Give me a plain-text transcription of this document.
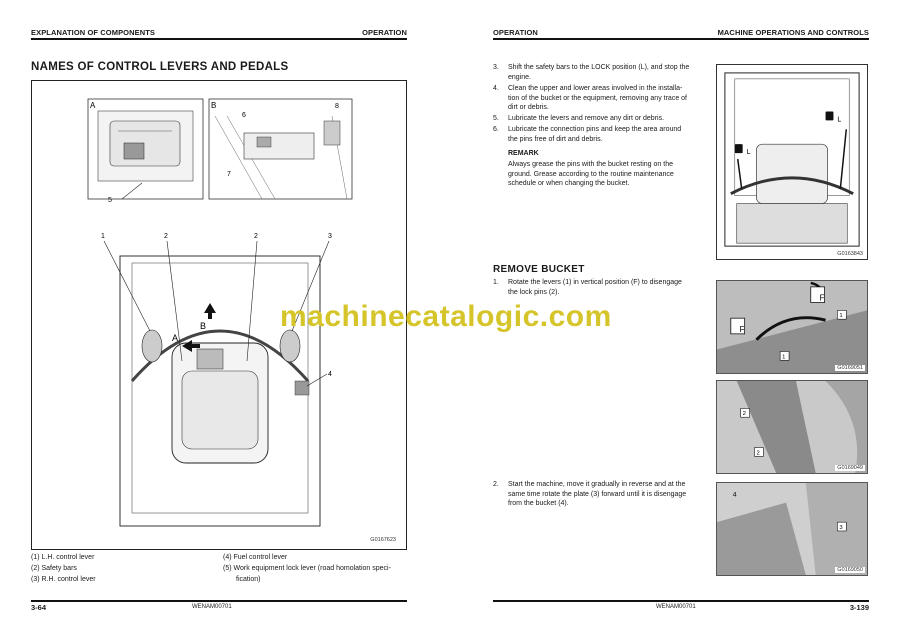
EXPLANATION OF COMPONENTS	OPERATION
NAMES OF CONTROL LEVERS AND PEDALS
A
5
B
6
7
8
1	2	2	3
4
A
B
G0167623
(1) L.H. control lever
(2) Safety bars
(3) R.H. control lever
(4) Fuel control lever
(5) Work equipment lock lever (road homolation speci-
fication)
3-64	WENAM00701
OPERATION	MACHINE OPERATIONS AND CONTROLS
3.	Shift the safety bars to the LOCK position (L), and stop the
engine.
4.	Clean the upper and lower areas involved in the installa-
tion of the bucket or the equipment, removing any trace of
dirt or debris.
5.	Lubricate the levers and remove any dirt or debris.
6.	Lubricate the connection pins and keep the area around
the pins free of dirt and debris.
REMARK
Always grease the pins with the bucket resting on the
ground. Grease according to the routine maintenance
schedule or when changing the bucket.
REMOVE BUCKET
1.	Rotate the levers (1) in vertical position (F) to disengage
the lock pins (2).
2.	Start the machine, move it gradually in reverse and at the
same time rotate the plate (3) forward until it is disengage
from the bucket (4).
L
L
G0163843
F
F
1
1
G0169051
2
2
G0169049
4
3
G0169050
WENAM00701	3-139
machinecatalogic.com
